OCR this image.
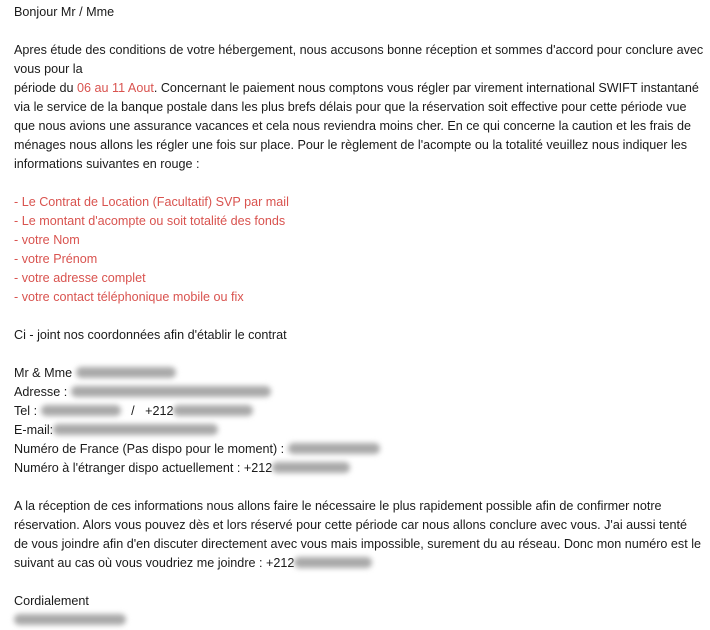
Bonjour Mr / Mme

Apres étude des conditions de votre hébergement, nous accusons bonne réception et sommes d'accord pour conclure avec vous pour la
période du 06 au 11 Aout. Concernant le paiement nous comptons vous régler par virement international SWIFT instantané via le service de la banque postale dans les plus brefs délais pour que la réservation soit effective pour cette période vue que nous avions une assurance vacances et cela nous reviendra moins cher. En ce qui concerne la caution et les frais de ménages nous allons les régler une fois sur place. Pour le règlement de l'acompte ou la totalité veuillez nous indiquer les informations suivantes en rouge :

- Le Contrat de Location (Facultatif) SVP par mail
- Le montant d'acompte ou soit totalité des fonds
- votre Nom
- votre Prénom
- votre adresse complet
- votre contact téléphonique mobile ou fix

Ci - joint nos coordonnées afin d'établir le contrat

Mr & Mme

Adresse :

Tel :	/ +212

E-mail:

Numéro de France (Pas dispo pour le moment) :

Numéro à l'étranger dispo actuellement : +212

A la réception de ces informations nous allons faire le nécessaire le plus rapidement possible afin de confirmer notre réservation. Alors vous pouvez dès et lors réservé pour cette période car nous allons conclure avec vous. J'ai aussi tenté de vous joindre afin d'en discuter directement avec vous mais impossible, surement du au réseau. Donc mon numéro est le suivant au cas où vous voudriez me joindre : +212

Cordialement
